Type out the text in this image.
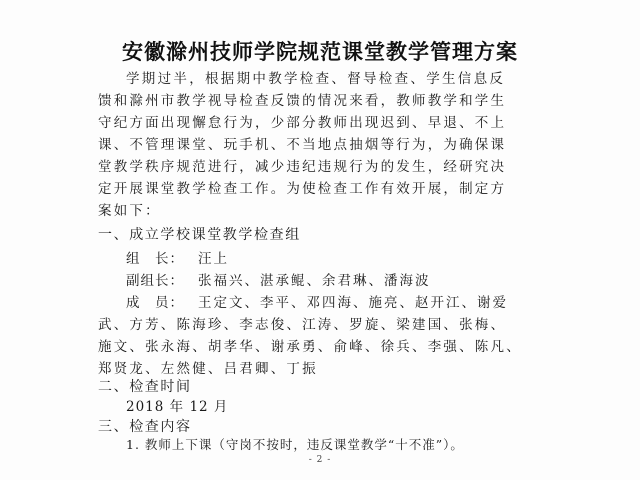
安徽滁州技师学院规范课堂教学管理方案
学期过半，根据期中教学检查、督导检查、学生信息反
馈和滁州市教学视导检查反馈的情况来看，教师教学和学生
守纪方面出现懈怠行为，少部分教师出现迟到、早退、不上
课、不管理课堂、玩手机、不当地点抽烟等行为，为确保课
堂教学秩序规范进行，减少违纪违规行为的发生，经研究决
定开展课堂教学检查工作。为使检查工作有效开展，制定方
案如下：
一、成立学校课堂教学检查组
组　长： 汪上
副组长： 张福兴、湛承鲲、余君琳、潘海波
成　员： 王定文、李平、邓四海、施亮、赵开江、谢爱
武、方芳、陈海珍、李志俊、江涛、罗旋、梁建国、张梅、
施文、张永海、胡孝华、谢承勇、俞峰、徐兵、李强、陈凡、
郑贤龙、左然健、吕君卿、丁振
二、检查时间
2018 年 12 月
三、检查内容
1. 教师上下课（守岗不按时，违反课堂教学“十不准”）。
- 2 -
